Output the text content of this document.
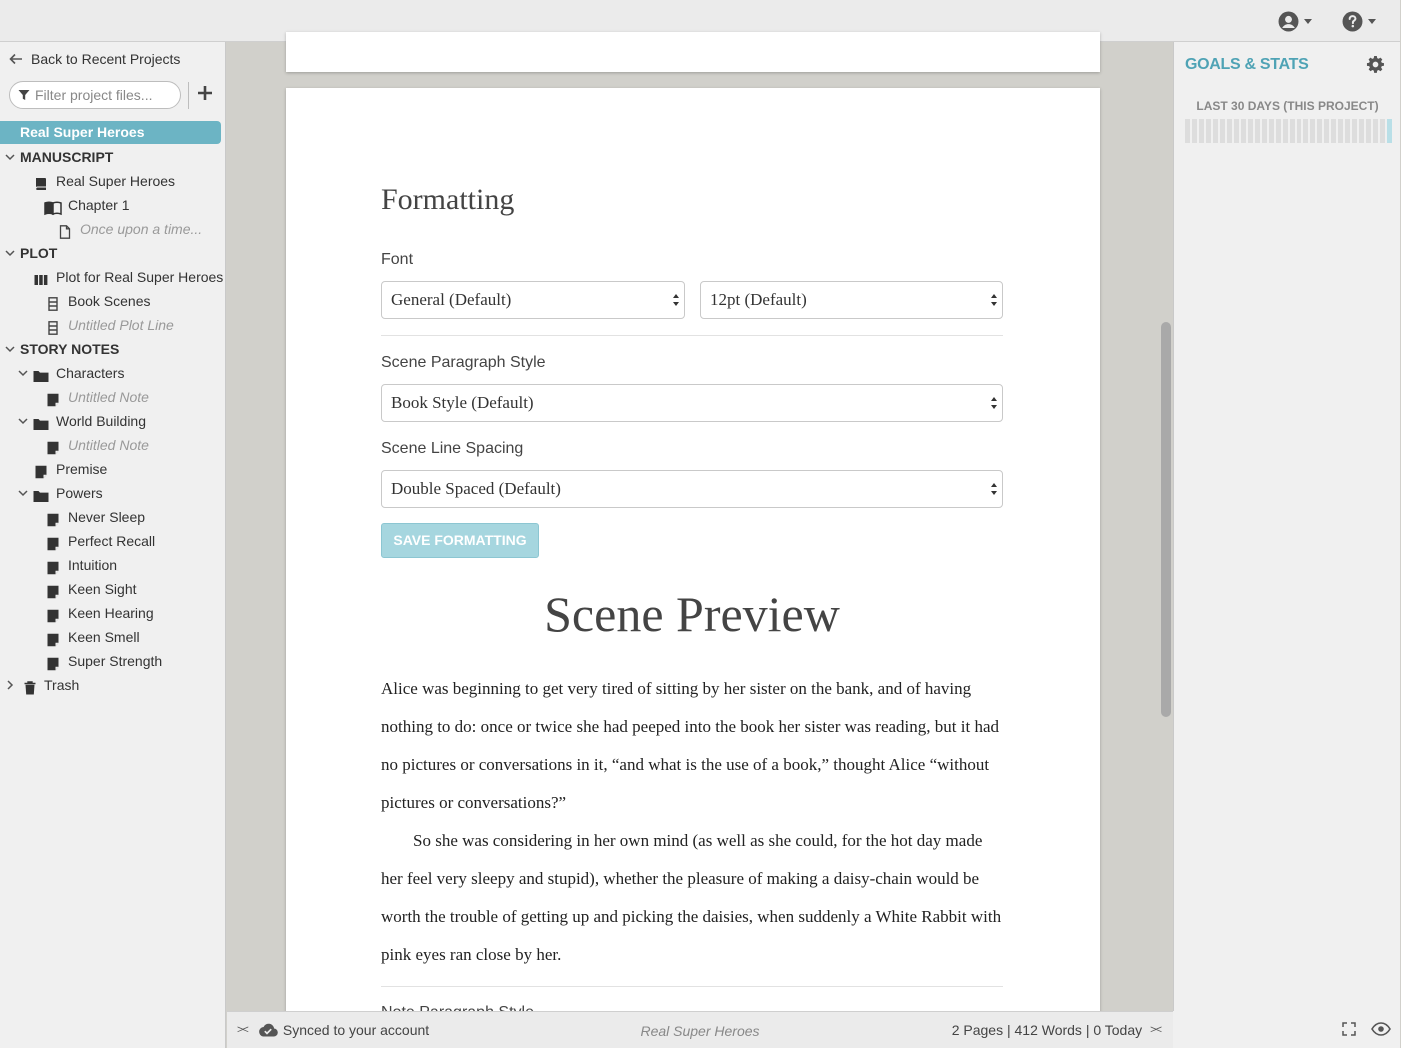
Back to Recent Projects
Filter project files...
Real Super Heroes
MANUSCRIPT
Real Super Heroes
Chapter 1
Once upon a time...
PLOT
Plot for Real Super Heroes
Book Scenes
Untitled Plot Line
STORY NOTES
Characters
Untitled Note
World Building
Untitled Note
Premise
Powers
Never Sleep
Perfect Recall
Intuition
Keen Sight
Keen Hearing
Keen Smell
Super Strength
Trash
Formatting
Font
General (Default)	12pt (Default)
Scene Paragraph Style
Book Style (Default)
Scene Line Spacing
Double Spaced (Default)
SAVE FORMATTING
Scene Preview

Alice was beginning to get very tired of sitting by her sister on the bank, and of having nothing to do: once or twice she had peeped into the book her sister was reading, but it had no pictures or conversations in it, “and what is the use of a book,” thought Alice “without pictures or conversations?”

So she was considering in her own mind (as well as she could, for the hot day made her feel very sleepy and stupid), whether the pleasure of making a daisy-chain would be worth the trouble of getting up and picking the daisies, when suddenly a White Rabbit with pink eyes ran close by her.

GOALS & STATS
LAST 30 DAYS (THIS PROJECT)
><	Synced to your account	Real Super Heroes	2 Pages | 412 Words | 0 Today ><
